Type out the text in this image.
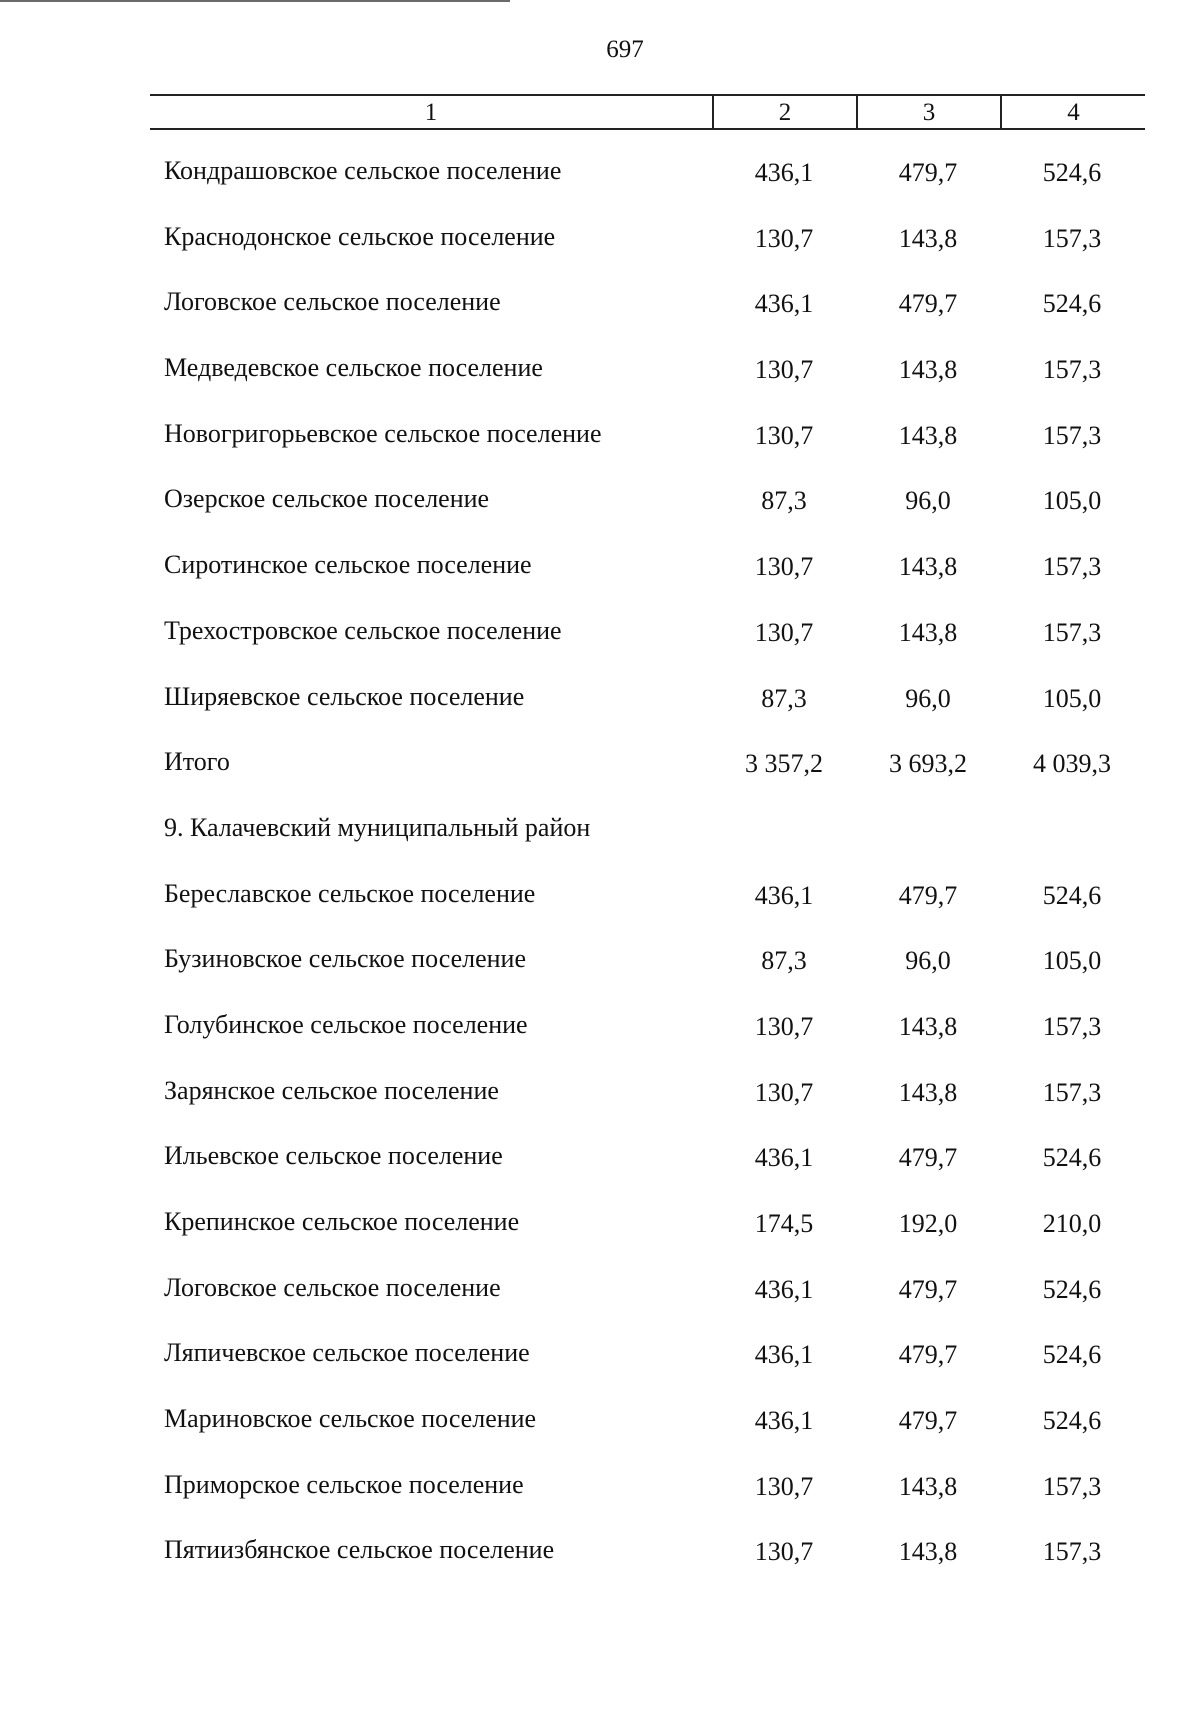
697
1	2	3	4
Кондрашовское сельское поселение	436,1	479,7	524,6
Краснодонское сельское поселение	130,7	143,8	157,3
Логовское сельское поселение	436,1	479,7	524,6
Медведевское сельское поселение	130,7	143,8	157,3
Новогригорьевское сельское поселение	130,7	143,8	157,3
Озерское сельское поселение	87,3	96,0	105,0
Сиротинское сельское поселение	130,7	143,8	157,3
Трехостровское сельское поселение	130,7	143,8	157,3
Ширяевское сельское поселение	87,3	96,0	105,0
Итого	3 357,2	3 693,2	4 039,3
9. Калачевский муниципальный район
Береславское сельское поселение	436,1	479,7	524,6
Бузиновское сельское поселение	87,3	96,0	105,0
Голубинское сельское поселение	130,7	143,8	157,3
Зарянское сельское поселение	130,7	143,8	157,3
Ильевское сельское поселение	436,1	479,7	524,6
Крепинское сельское поселение	174,5	192,0	210,0
Логовское сельское поселение	436,1	479,7	524,6
Ляпичевское сельское поселение	436,1	479,7	524,6
Мариновское сельское поселение	436,1	479,7	524,6
Приморское сельское поселение	130,7	143,8	157,3
Пятиизбянское сельское поселение	130,7	143,8	157,3
